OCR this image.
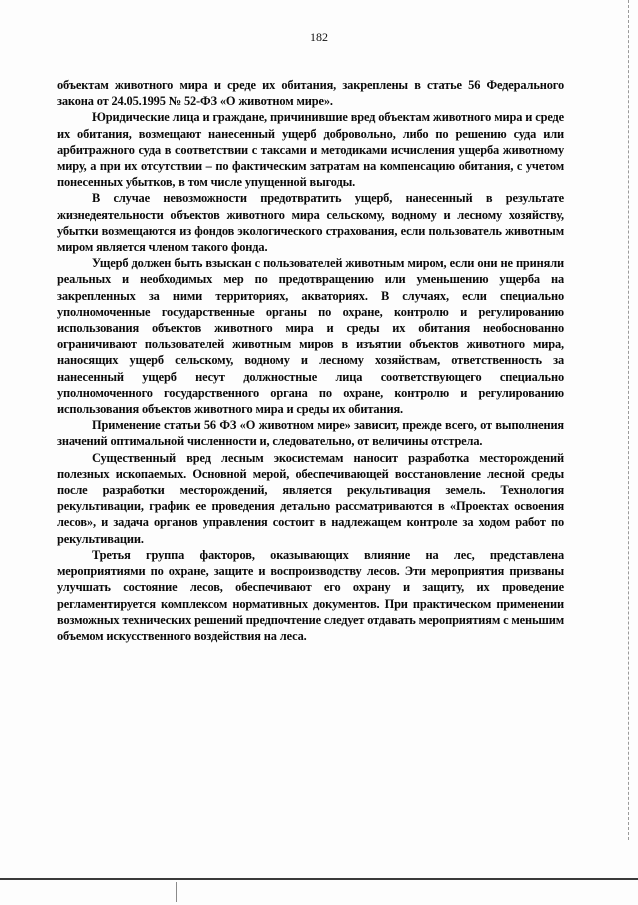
182

объектам животного мира и среде их обитания, закреплены в статье 56 Федерального закона от 24.05.1995 № 52-ФЗ «О животном мире».

Юридические лица и граждане, причинившие вред объектам животного мира и среде их обитания, возмещают нанесенный ущерб добровольно, либо по решению суда или арбитражного суда в соответствии с таксами и методиками исчисления ущерба животному миру, а при их отсутствии – по фактическим затратам на компенсацию обитания, с учетом понесенных убытков, в том числе упущенной выгоды.

В случае невозможности предотвратить ущерб, нанесенный в результате жизнедеятельности объектов животного мира сельскому, водному и лесному хозяйству, убытки возмещаются из фондов экологического страхования, если пользователь животным миром является членом такого фонда.

Ущерб должен быть взыскан с пользователей животным миром, если они не приняли реальных и необходимых мер по предотвращению или уменьшению ущерба на закрепленных за ними территориях, акваториях. В случаях, если специально уполномоченные государственные органы по охране, контролю и регулированию использования объектов животного мира и среды их обитания необоснованно ограничивают пользователей животным миров в изъятии объектов животного мира, наносящих ущерб сельскому, водному и лесному хозяйствам, ответственность за нанесенный ущерб несут должностные лица соответствующего специально уполномоченного государственного органа по охране, контролю и регулированию использования объектов животного мира и среды их обитания.

Применение статьи 56 ФЗ «О животном мире» зависит, прежде всего, от выполнения значений оптимальной численности и, следовательно, от величины отстрела.

Существенный вред лесным экосистемам наносит разработка месторождений полезных ископаемых. Основной мерой, обеспечивающей восстановление лесной среды после разработки месторождений, является рекультивация земель. Технология рекультивации, график ее проведения детально рассматриваются в «Проектах освоения лесов», и задача органов управления состоит в надлежащем контроле за ходом работ по рекультивации.

Третья группа факторов, оказывающих влияние на лес, представлена мероприятиями по охране, защите и воспроизводству лесов. Эти мероприятия призваны улучшать состояние лесов, обеспечивают его охрану и защиту, их проведение регламентируется комплексом нормативных документов. При практическом применении возможных технических решений предпочтение следует отдавать мероприятиям с меньшим объемом искусственного воздействия на леса.
